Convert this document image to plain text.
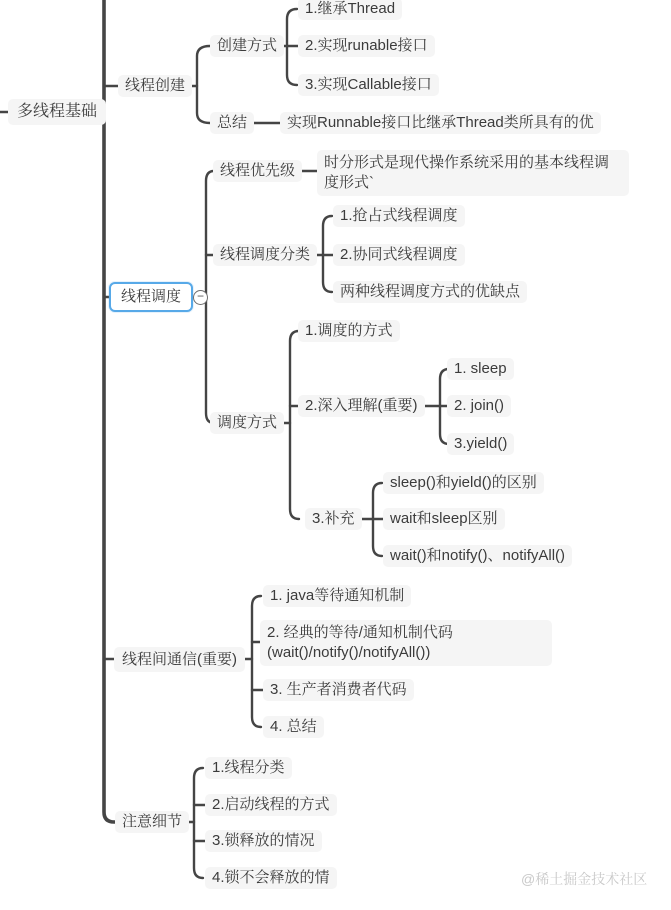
多线程基础
线程创建
创建方式
1.继承Thread
2.实现runable接口
3.实现Callable接口
总结	实现Runnable接口比继承Thread类所具有的优
线程调度	−
线程优先级	时分形式是现代操作系统采用的基本线程调度形式`
线程调度分类
1.抢占式线程调度
2.协同式线程调度
两种线程调度方式的优缺点
调度方式
1.调度的方式
2.深入理解(重要)
1. sleep
2. join()
3.yield()
3.补充
sleep()和yield()的区别
wait和sleep区别
wait()和notify()、notifyAll()
线程间通信(重要)
1. java等待通知机制
2. 经典的等待/通知机制代码(wait()/notify()/notifyAll())
3. 生产者消费者代码
4. 总结
注意细节
1.线程分类
2.启动线程的方式
3.锁释放的情况
4.锁不会释放的情	@稀土掘金技术社区
